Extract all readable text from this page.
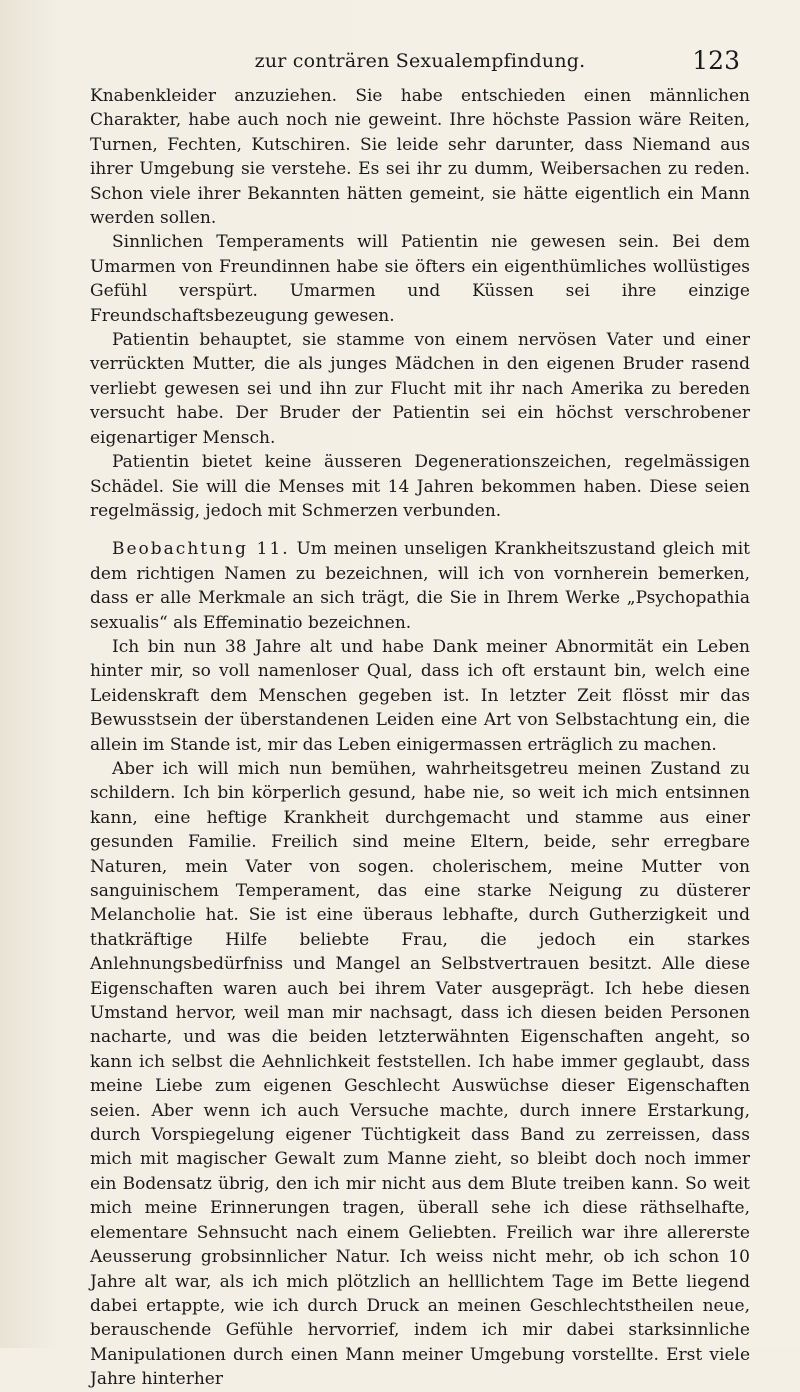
zur conträren Sexualempfindung.	123

Knabenkleider anzuziehen. Sie habe entschieden einen männlichen Charakter, habe auch noch nie geweint. Ihre höchste Passion wäre Reiten, Turnen, Fechten, Kutschiren. Sie leide sehr darunter, dass Niemand aus ihrer Umgebung sie verstehe. Es sei ihr zu dumm, Weibersachen zu reden. Schon viele ihrer Bekannten hätten gemeint, sie hätte eigentlich ein Mann werden sollen.

Sinnlichen Temperaments will Patientin nie gewesen sein. Bei dem Umarmen von Freundinnen habe sie öfters ein eigenthümliches wollüstiges Gefühl verspürt. Umarmen und Küssen sei ihre einzige Freundschaftsbezeugung gewesen.

Patientin behauptet, sie stamme von einem nervösen Vater und einer verrückten Mutter, die als junges Mädchen in den eigenen Bruder rasend verliebt gewesen sei und ihn zur Flucht mit ihr nach Amerika zu bereden versucht habe. Der Bruder der Patientin sei ein höchst verschrobener eigenartiger Mensch.

Patientin bietet keine äusseren Degenerationszeichen, regelmässigen Schädel. Sie will die Menses mit 14 Jahren bekommen haben. Diese seien regelmässig, jedoch mit Schmerzen verbunden.

Beobachtung 11. Um meinen unseligen Krankheitszustand gleich mit dem richtigen Namen zu bezeichnen, will ich von vornherein bemerken, dass er alle Merkmale an sich trägt, die Sie in Ihrem Werke „Psychopathia sexualis“ als Effeminatio bezeichnen.

Ich bin nun 38 Jahre alt und habe Dank meiner Abnormität ein Leben hinter mir, so voll namenloser Qual, dass ich oft erstaunt bin, welch eine Leidenskraft dem Menschen gegeben ist. In letzter Zeit flösst mir das Bewusstsein der überstandenen Leiden eine Art von Selbstachtung ein, die allein im Stande ist, mir das Leben einigermassen erträglich zu machen.

Aber ich will mich nun bemühen, wahrheitsgetreu meinen Zustand zu schildern. Ich bin körperlich gesund, habe nie, so weit ich mich entsinnen kann, eine heftige Krankheit durchgemacht und stamme aus einer gesunden Familie. Freilich sind meine Eltern, beide, sehr erregbare Naturen, mein Vater von sogen. cholerischem, meine Mutter von sanguinischem Temperament, das eine starke Neigung zu düsterer Melancholie hat. Sie ist eine überaus lebhafte, durch Gutherzigkeit und thatkräftige Hilfe beliebte Frau, die jedoch ein starkes Anlehnungsbedürfniss und Mangel an Selbstvertrauen besitzt. Alle diese Eigenschaften waren auch bei ihrem Vater ausgeprägt. Ich hebe diesen Umstand hervor, weil man mir nachsagt, dass ich diesen beiden Personen nacharte, und was die beiden letzterwähnten Eigenschaften angeht, so kann ich selbst die Aehnlichkeit feststellen. Ich habe immer geglaubt, dass meine Liebe zum eigenen Geschlecht Auswüchse dieser Eigenschaften seien. Aber wenn ich auch Versuche machte, durch innere Erstarkung, durch Vorspiegelung eigener Tüchtigkeit dass Band zu zerreissen, dass mich mit magischer Gewalt zum Manne zieht, so bleibt doch noch immer ein Bodensatz übrig, den ich mir nicht aus dem Blute treiben kann. So weit mich meine Erinnerungen tragen, überall sehe ich diese räthselhafte, elementare Sehnsucht nach einem Geliebten. Freilich war ihre allererste Aeusserung grobsinnlicher Natur. Ich weiss nicht mehr, ob ich schon 10 Jahre alt war, als ich mich plötzlich an helllichtem Tage im Bette liegend dabei ertappte, wie ich durch Druck an meinen Geschlechtstheilen neue, berauschende Gefühle hervorrief, indem ich mir dabei starksinnliche Manipulationen durch einen Mann meiner Umgebung vorstellte. Erst viele Jahre hinterher
